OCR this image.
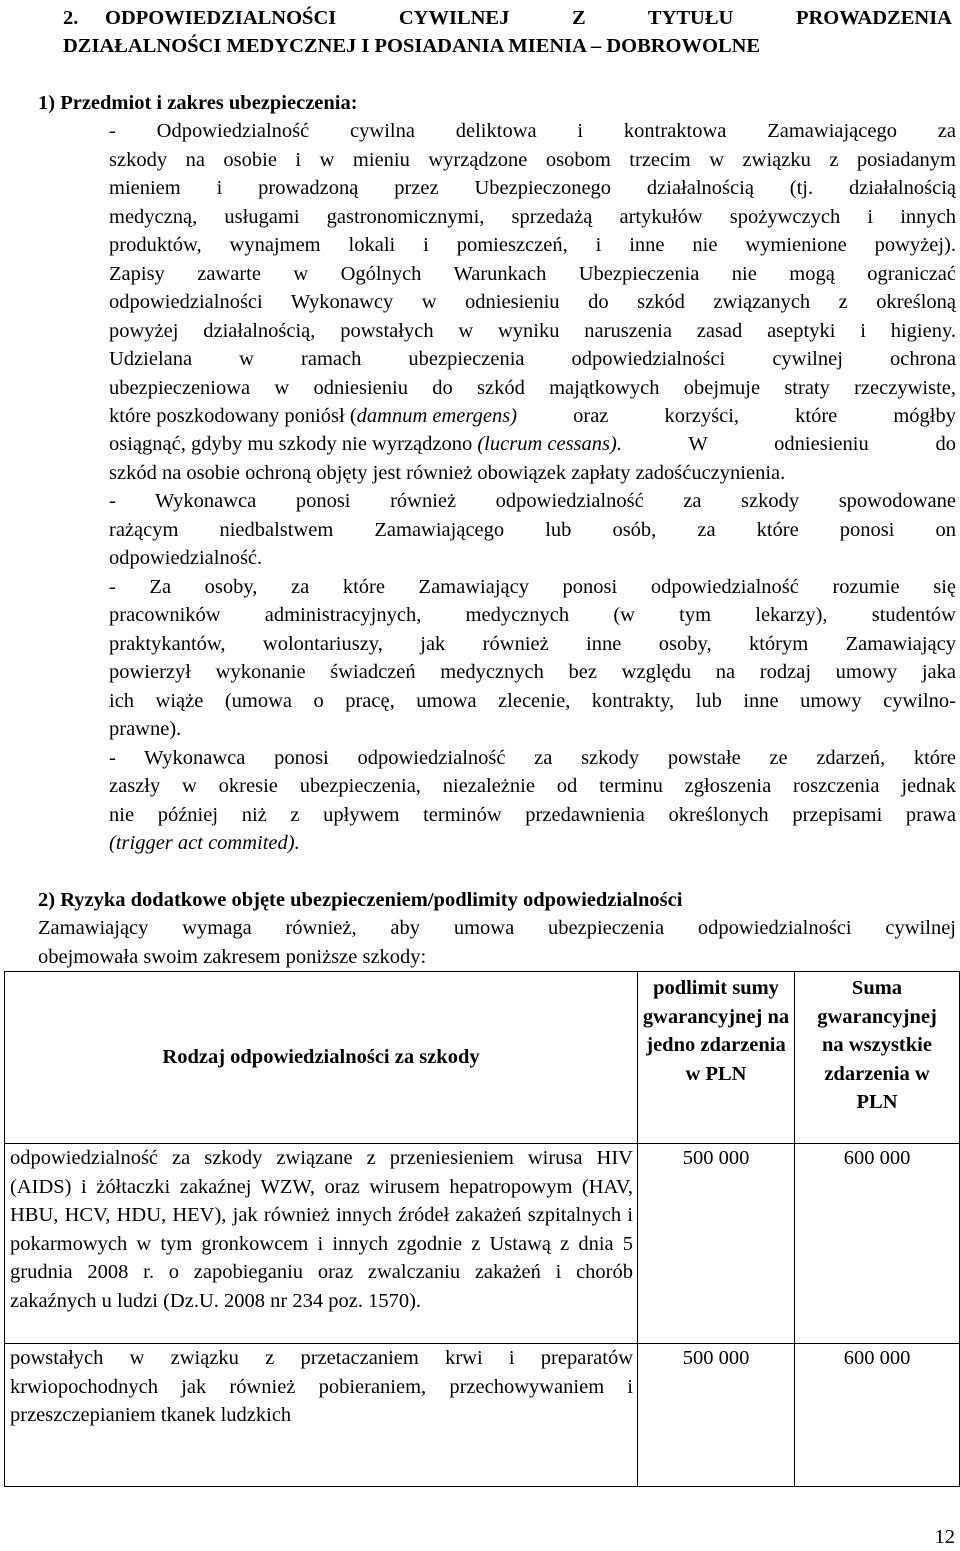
2. ODPOWIEDZIALNOŚCI CYWILNEJ Z TYTUŁU PROWADZENIA

DZIAŁALNOŚCI MEDYCZNEJ I POSIADANIA MIENIA – DOBROWOLNE

1) Przedmiot i zakres ubezpieczenia:

- Odpowiedzialność cywilna deliktowa i kontraktowa Zamawiającego za

szkody na osobie i w mieniu wyrządzone osobom trzecim w związku z posiadanym

mieniem i prowadzoną przez Ubezpieczonego działalnością (tj. działalnością

medyczną, usługami gastronomicznymi, sprzedażą artykułów spożywczych i innych

produktów, wynajmem lokali i pomieszczeń, i inne nie wymienione powyżej).

Zapisy zawarte w Ogólnych Warunkach Ubezpieczenia nie mogą ograniczać

odpowiedzialności Wykonawcy w odniesieniu do szkód związanych z określoną

powyżej działalnością, powstałych w wyniku naruszenia zasad aseptyki i higieny.

Udzielana w ramach ubezpieczenia odpowiedzialności cywilnej ochrona

ubezpieczeniowa w odniesieniu do szkód majątkowych obejmuje straty rzeczywiste,

które poszkodowany poniósł ( damnum emergens) oraz korzyści, które mógłby

osiągnąć, gdyby mu szkody nie wyrządzono (lucrum cessans). W odniesieniu do

szkód na osobie ochroną objęty jest również obowiązek zapłaty zadośćuczynienia.

- Wykonawca ponosi również odpowiedzialność za szkody spowodowane

rażącym niedbalstwem Zamawiającego lub osób, za które ponosi on

odpowiedzialność.

- Za osoby, za które Zamawiający ponosi odpowiedzialność rozumie się

pracowników administracyjnych, medycznych (w tym lekarzy), studentów

praktykantów, wolontariuszy, jak również inne osoby, którym Zamawiający

powierzył wykonanie świadczeń medycznych bez względu na rodzaj umowy jaka

ich wiąże (umowa o pracę, umowa zlecenie, kontrakty, lub inne umowy cywilno-

prawne).

- Wykonawca ponosi odpowiedzialność za szkody powstałe ze zdarzeń, które

zaszły w okresie ubezpieczenia, niezależnie od terminu zgłoszenia roszczenia jednak

nie później niż z upływem terminów przedawnienia określonych przepisami prawa

(trigger act commited).

2) Ryzyka dodatkowe objęte ubezpieczeniem/podlimity odpowiedzialności

Zamawiający wymaga również, aby umowa ubezpieczenia odpowiedzialności cywilnej

obejmowała swoim zakresem poniższe szkody:

Rodzaj odpowiedzialności za szkody	podlimit sumy gwarancyjnej na jedno zdarzenia w PLN	Suma gwarancyjnej na wszystkie zdarzenia w PLN
odpowiedzialność za szkody związane z przeniesieniem wirusa HIV (AIDS) i żółtaczki zakaźnej WZW, oraz wirusem hepatropowym (HAV, HBU, HCV, HDU, HEV), jak również innych źródeł zakażeń szpitalnych i pokarmowych w tym gronkowcem i innych zgodnie z Ustawą z dnia 5 grudnia 2008 r. o zapobieganiu oraz zwalczaniu zakażeń i chorób zakaźnych u ludzi (Dz.U. 2008 nr 234 poz. 1570).	500 000	600 000
powstałych w związku z przetaczaniem krwi i preparatów krwiopochodnych jak również pobieraniem, przechowywaniem i przeszczepianiem tkanek ludzkich	500 000	600 000
12
